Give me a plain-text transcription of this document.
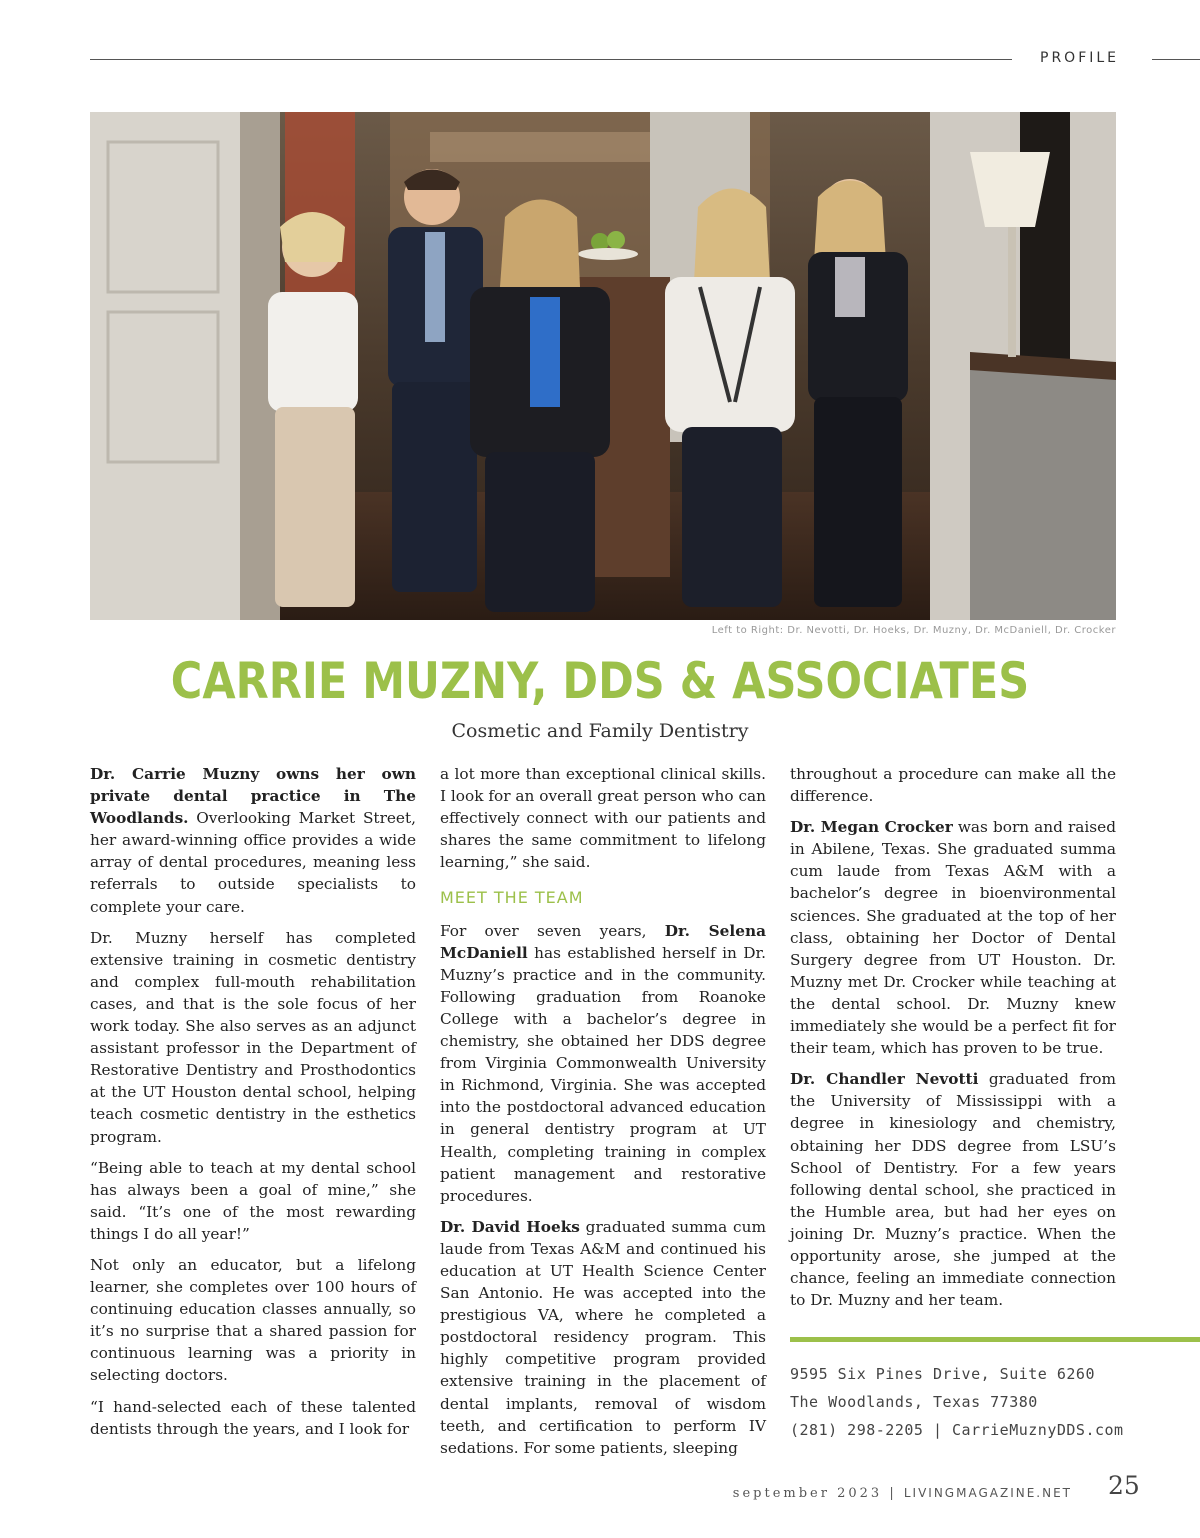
PROFILE
Left to Right: Dr. Nevotti, Dr. Hoeks, Dr. Muzny, Dr. McDaniell, Dr. Crocker
CARRIE MUZNY, DDS & ASSOCIATES
Cosmetic and Family Dentistry

Dr. Carrie Muzny owns her own private dental practice in The Woodlands. Overlooking Market Street, her award-winning office provides a wide array of dental procedures, meaning less referrals to outside specialists to complete your care.

Dr. Muzny herself has completed extensive training in cosmetic dentistry and complex full-mouth rehabilitation cases, and that is the sole focus of her work today. She also serves as an adjunct assistant professor in the Department of Restorative Dentistry and Prosthodontics at the UT Houston dental school, helping teach cosmetic dentistry in the esthetics program.

“Being able to teach at my dental school has always been a goal of mine,” she said. “It’s one of the most rewarding things I do all year!”

Not only an educator, but a lifelong learner, she completes over 100 hours of continuing education classes annually, so it’s no surprise that a shared passion for continuous learning was a priority in selecting doctors.

“I hand-selected each of these talented dentists through the years, and I look for

a lot more than exceptional clinical skills. I look for an overall great person who can effectively connect with our patients and shares the same commitment to lifelong learning,” she said.

MEET THE TEAM

For over seven years, Dr. Selena McDaniell has established herself in Dr. Muzny’s practice and in the community. Following graduation from Roanoke College with a bachelor’s degree in chemistry, she obtained her DDS degree from Virginia Commonwealth University in Richmond, Virginia. She was accepted into the postdoctoral advanced education in general dentistry program at UT Health, completing training in complex patient management and restorative procedures.

Dr. David Hoeks graduated summa cum laude from Texas A&M and continued his education at UT Health Science Center San Antonio. He was accepted into the prestigious VA, where he completed a postdoctoral residency program. This highly competitive program provided extensive training in the placement of dental implants, removal of wisdom teeth, and certification to perform IV sedations. For some patients, sleeping

throughout a procedure can make all the difference.

Dr. Megan Crocker was born and raised in Abilene, Texas. She graduated summa cum laude from Texas A&M with a bachelor’s degree in bioenvironmental sciences. She graduated at the top of her class, obtaining her Doctor of Dental Surgery degree from UT Houston. Dr. Muzny met Dr. Crocker while teaching at the dental school. Dr. Muzny knew immediately she would be a perfect fit for their team, which has proven to be true.

Dr. Chandler Nevotti graduated from the University of Mississippi with a degree in kinesiology and chemistry, obtaining her DDS degree from LSU’s School of Dentistry. For a few years following dental school, she practiced in the Humble area, but had her eyes on joining Dr. Muzny’s practice. When the opportunity arose, she jumped at the chance, feeling an immediate connection to Dr. Muzny and her team.

9595 Six Pines Drive, Suite 6260
The Woodlands, Texas 77380
(281) 298-2205 | CarrieMuznyDDS.com
september 2023 | LIVINGMAGAZINE.NET 25
